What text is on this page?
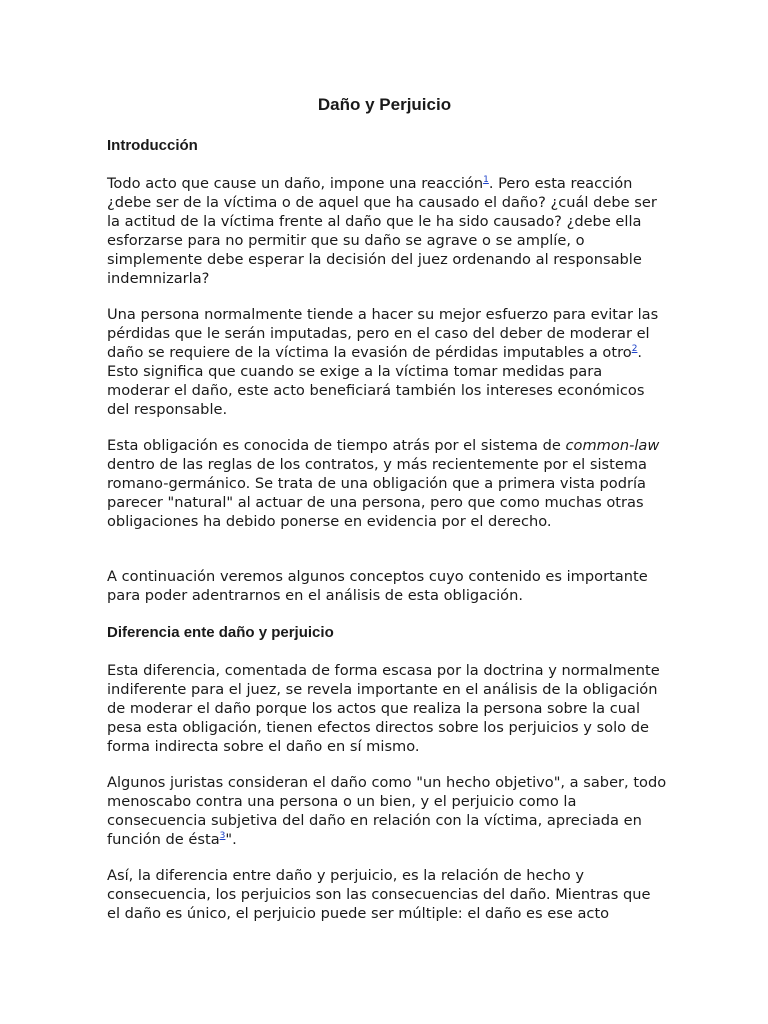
Daño y Perjuicio
Introducción

Todo acto que cause un daño, impone una reacción$^1$. Pero esta reacción ¿debe ser de la víctima o de aquel que ha causado el daño? ¿cuál debe ser la actitud de la víctima frente al daño que le ha sido causado? ¿debe ella esforzarse para no permitir que su daño se agrave o se amplíe, o simplemente debe esperar la decisión del juez ordenando al responsable indemnizarla?

Una persona normalmente tiende a hacer su mejor esfuerzo para evitar las pérdidas que le serán imputadas, pero en el caso del deber de moderar el daño se requiere de la víctima la evasión de pérdidas imputables a otro$^2$. Esto significa que cuando se exige a la víctima tomar medidas para moderar el daño, este acto beneficiará también los intereses económicos del responsable.

Esta obligación es conocida de tiempo atrás por el sistema de common-law dentro de las reglas de los contratos, y más recientemente por el sistema romano-germánico. Se trata de una obligación que a primera vista podría parecer "natural" al actuar de una persona, pero que como muchas otras obligaciones ha debido ponerse en evidencia por el derecho.

A continuación veremos algunos conceptos cuyo contenido es importante para poder adentrarnos en el análisis de esta obligación.

Diferencia ente daño y perjuicio

Esta diferencia, comentada de forma escasa por la doctrina y normalmente indiferente para el juez, se revela importante en el análisis de la obligación de moderar el daño porque los actos que realiza la persona sobre la cual pesa esta obligación, tienen efectos directos sobre los perjuicios y solo de forma indirecta sobre el daño en sí mismo.

Algunos juristas consideran el daño como "un hecho objetivo", a saber, todo menoscabo contra una persona o un bien, y el perjuicio como la consecuencia subjetiva del daño en relación con la víctima, apreciada en función de ésta$^3$".

Así, la diferencia entre daño y perjuicio, es la relación de hecho y consecuencia, los perjuicios son las consecuencias del daño. Mientras que el daño es único, el perjuicio puede ser múltiple: el daño es ese acto
